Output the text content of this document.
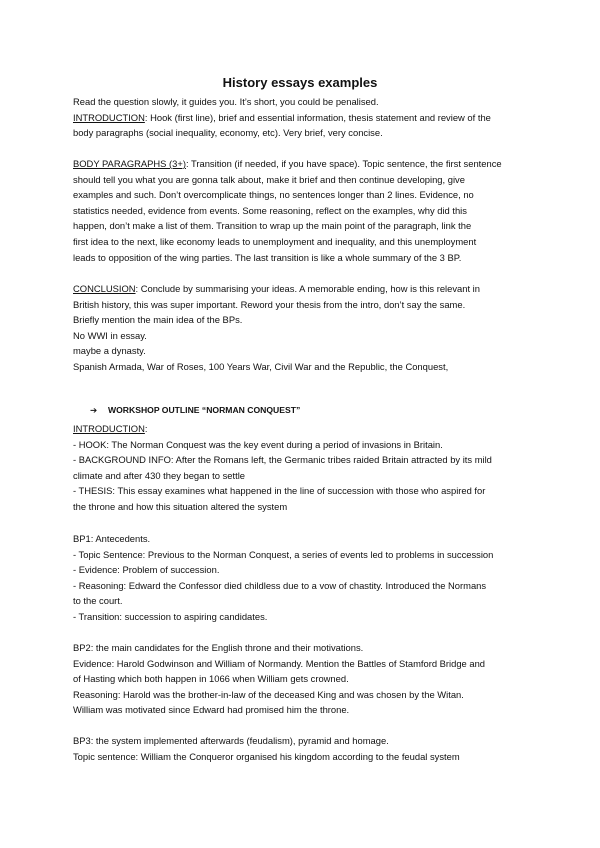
History essays examples
Read the question slowly, it guides you. It’s short, you could be penalised.
INTRODUCTION: Hook (first line), brief and essential information, thesis statement and review of the
body paragraphs (social inequality, economy, etc). Very brief, very concise.
BODY PARAGRAPHS (3+): Transition (if needed, if you have space). Topic sentence, the first sentence
should tell you what you are gonna talk about, make it brief and then continue developing, give
examples and such. Don’t overcomplicate things, no sentences longer than 2 lines. Evidence, no
statistics needed, evidence from events. Some reasoning, reflect on the examples, why did this
happen, don’t make a list of them. Transition to wrap up the main point of the paragraph, link the
first idea to the next, like economy leads to unemployment and inequality, and this unemployment
leads to opposition of the wing parties. The last transition is like a whole summary of the 3 BP.
CONCLUSION: Conclude by summarising your ideas. A memorable ending, how is this relevant in
British history, this was super important. Reword your thesis from the intro, don’t say the same.
Briefly mention the main idea of the BPs.
No WWI in essay.
maybe a dynasty.
Spanish Armada, War of Roses, 100 Years War, Civil War and the Republic, the Conquest,
➔ WORKSHOP OUTLINE “NORMAN CONQUEST”
INTRODUCTION:
- HOOK: The Norman Conquest was the key event during a period of invasions in Britain.
- BACKGROUND INFO: After the Romans left, the Germanic tribes raided Britain attracted by its mild
climate and after 430 they began to settle
- THESIS: This essay examines what happened in the line of succession with those who aspired for
the throne and how this situation altered the system
BP1: Antecedents.
- Topic Sentence: Previous to the Norman Conquest, a series of events led to problems in succession
- Evidence: Problem of succession.
- Reasoning: Edward the Confessor died childless due to a vow of chastity. Introduced the Normans
to the court.
- Transition: succession to aspiring candidates.
BP2: the main candidates for the English throne and their motivations.
Evidence: Harold Godwinson and William of Normandy. Mention the Battles of Stamford Bridge and
of Hasting which both happen in 1066 when William gets crowned.
Reasoning: Harold was the brother-in-law of the deceased King and was chosen by the Witan.
William was motivated since Edward had promised him the throne.
BP3: the system implemented afterwards (feudalism), pyramid and homage.
Topic sentence: William the Conqueror organised his kingdom according to the feudal system
